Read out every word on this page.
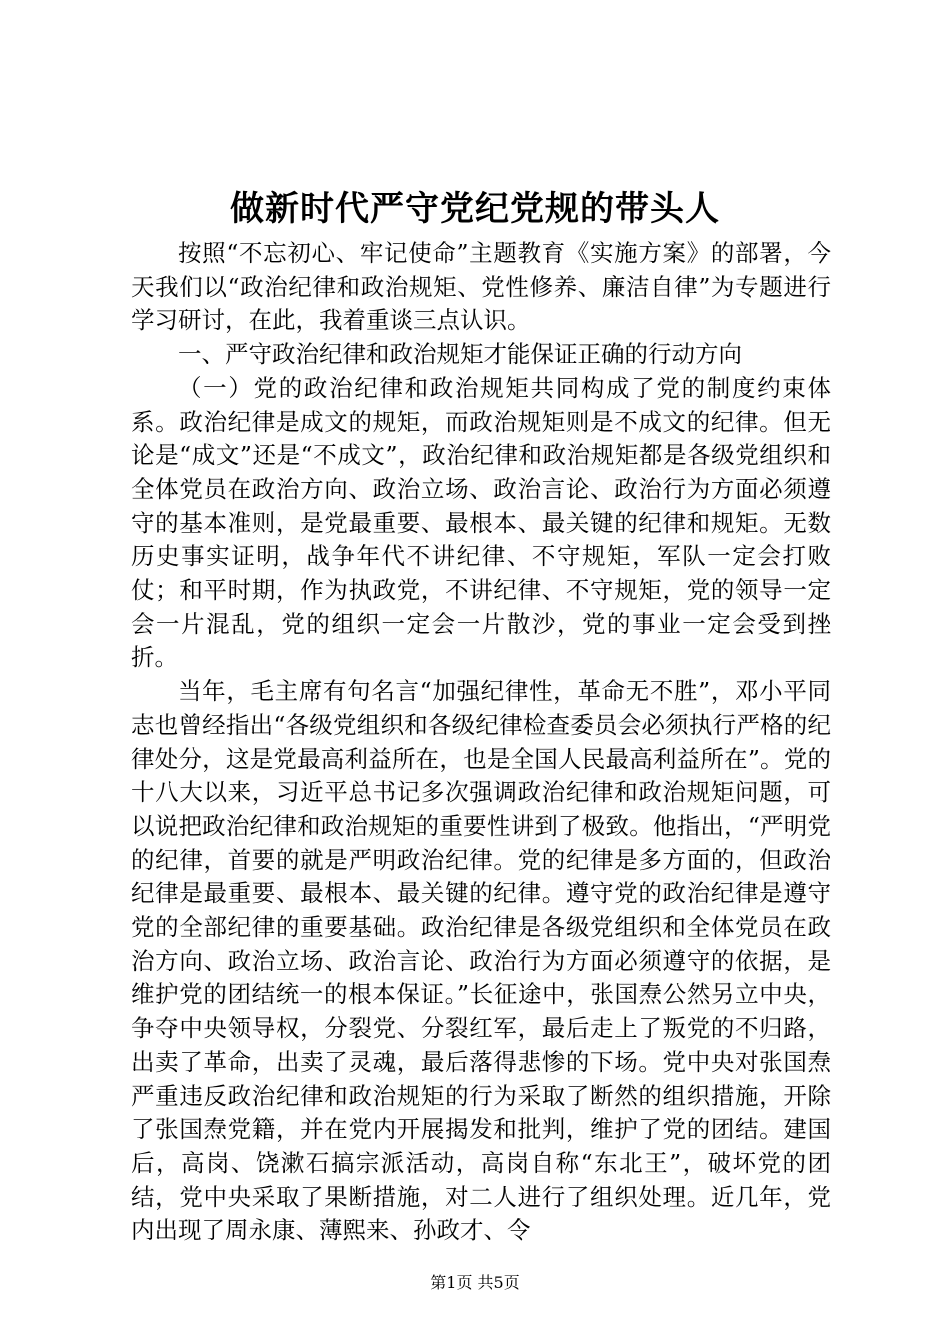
做新时代严守党纪党规的带头人

按照“不忘初心、牢记使命”主题教育《实施方案》的部署，今天我们以“政治纪律和政治规矩、党性修养、廉洁自律”为专题进行学习研讨，在此，我着重谈三点认识。

一、严守政治纪律和政治规矩才能保证正确的行动方向

（一）党的政治纪律和政治规矩共同构成了党的制度约束体系。政治纪律是成文的规矩，而政治规矩则是不成文的纪律。但无论是“成文”还是“不成文”，政治纪律和政治规矩都是各级党组织和全体党员在政治方向、政治立场、政治言论、政治行为方面必须遵守的基本准则，是党最重要、最根本、最关键的纪律和规矩。无数历史事实证明，战争年代不讲纪律、不守规矩，军队一定会打败仗；和平时期，作为执政党，不讲纪律、不守规矩，党的领导一定会一片混乱，党的组织一定会一片散沙，党的事业一定会受到挫折。

当年，毛主席有句名言“加强纪律性，革命无不胜”，邓小平同志也曾经指出“各级党组织和各级纪律检查委员会必须执行严格的纪律处分，这是党最高利益所在，也是全国人民最高利益所在”。党的十八大以来，习近平总书记多次强调政治纪律和政治规矩问题，可以说把政治纪律和政治规矩的重要性讲到了极致。他指出，“严明党的纪律，首要的就是严明政治纪律。党的纪律是多方面的，但政治纪律是最重要、最根本、最关键的纪律。遵守党的政治纪律是遵守党的全部纪律的重要基础。政治纪律是各级党组织和全体党员在政治方向、政治立场、政治言论、政治行为方面必须遵守的依据，是维护党的团结统一的根本保证。”长征途中，张国焘公然另立中央，争夺中央领导权，分裂党、分裂红军，最后走上了叛党的不归路，出卖了革命，出卖了灵魂，最后落得悲惨的下场。党中央对张国焘严重违反政治纪律和政治规矩的行为采取了断然的组织措施，开除了张国焘党籍，并在党内开展揭发和批判，维护了党的团结。建国后，高岗、饶漱石搞宗派活动，高岗自称“东北王”，破坏党的团结，党中央采取了果断措施，对二人进行了组织处理。近几年，党内出现了周永康、薄熙来、孙政才、令

第1页 共5页
